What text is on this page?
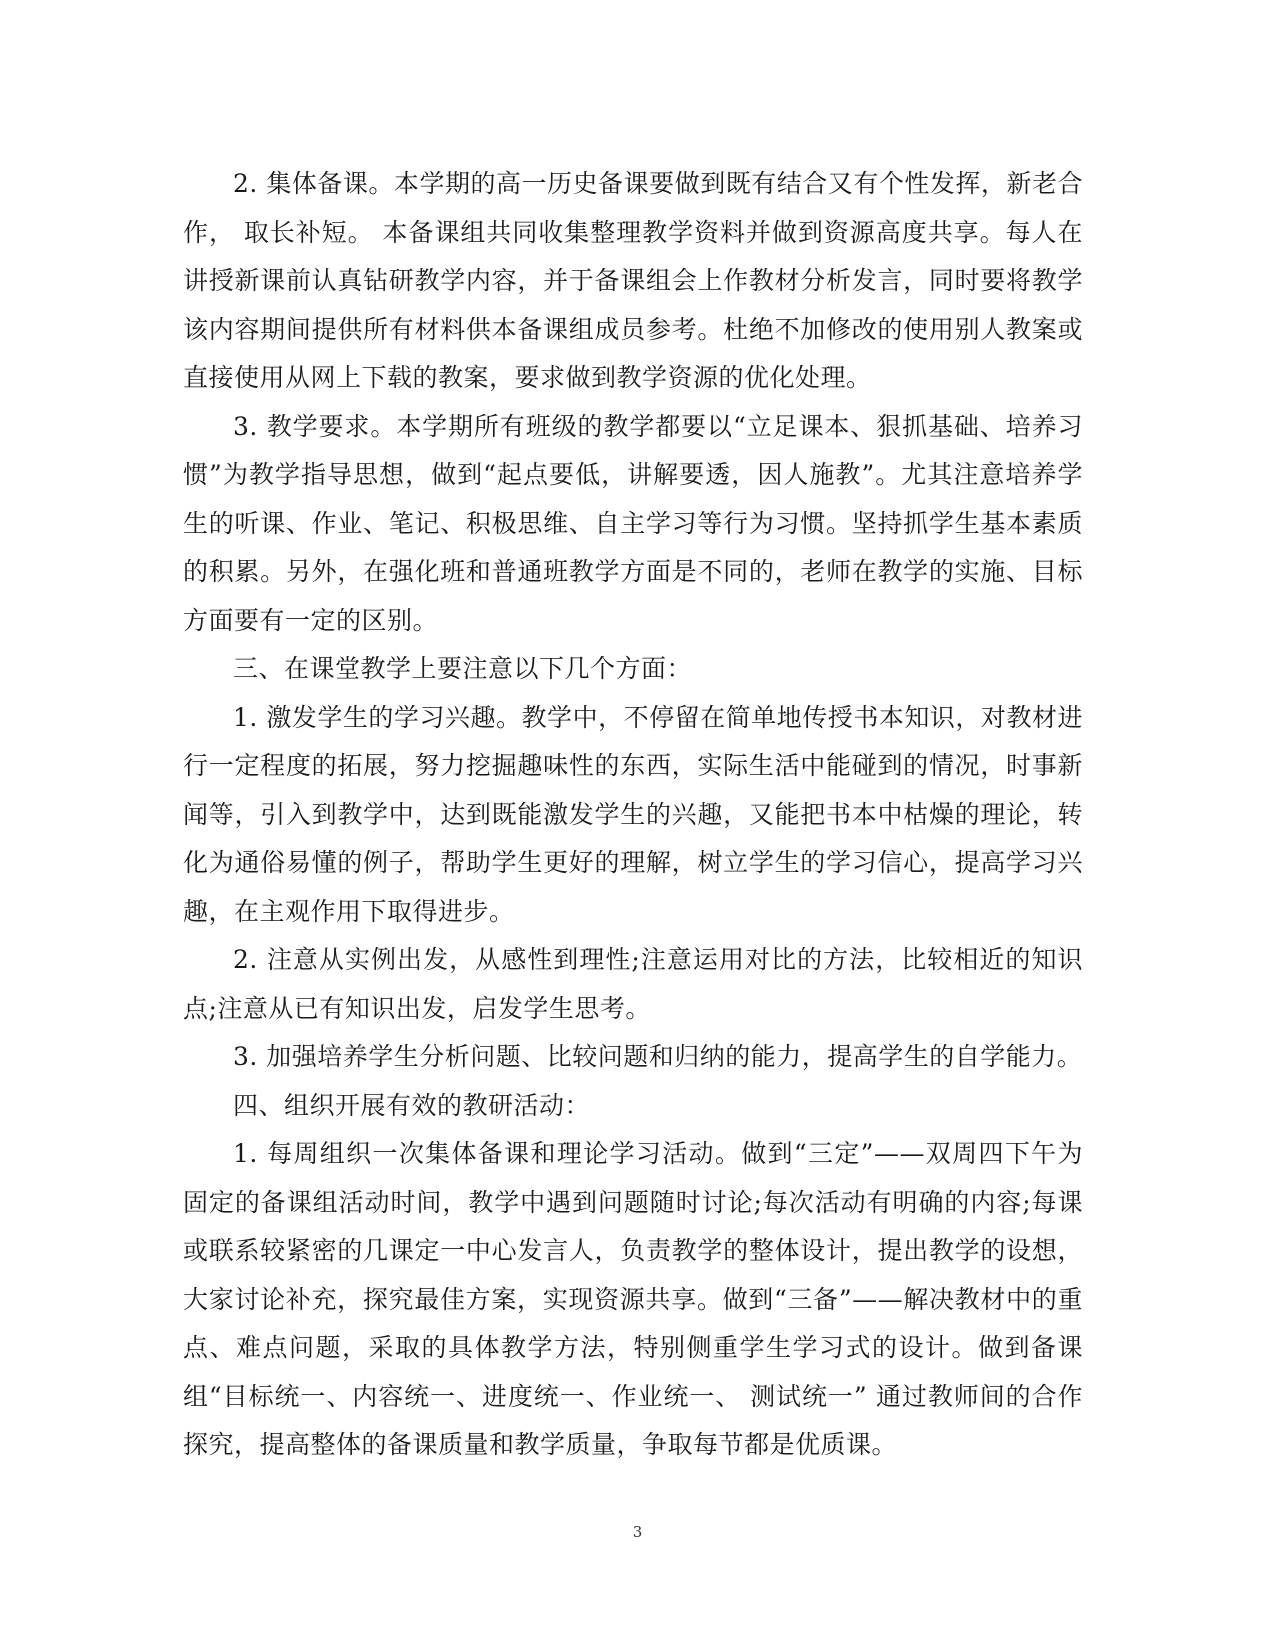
2. 集体备课。本学期的高一历史备课要做到既有结合又有个性发挥，新老合作， 取长补短。 本备课组共同收集整理教学资料并做到资源高度共享。每人在讲授新课前认真钻研教学内容，并于备课组会上作教材分析发言，同时要将教学该内容期间提供所有材料供本备课组成员参考。杜绝不加修改的使用别人教案或直接使用从网上下载的教案，要求做到教学资源的优化处理。

3. 教学要求。本学期所有班级的教学都要以“立足课本、狠抓基础、培养习惯”为教学指导思想，做到“起点要低，讲解要透，因人施教”。尤其注意培养学生的听课、作业、笔记、积极思维、自主学习等行为习惯。坚持抓学生基本素质的积累。另外，在强化班和普通班教学方面是不同的，老师在教学的实施、目标方面要有一定的区别。

三、在课堂教学上要注意以下几个方面：

1. 激发学生的学习兴趣。教学中，不停留在简单地传授书本知识，对教材进行一定程度的拓展，努力挖掘趣味性的东西，实际生活中能碰到的情况，时事新闻等，引入到教学中，达到既能激发学生的兴趣，又能把书本中枯燥的理论，转化为通俗易懂的例子，帮助学生更好的理解，树立学生的学习信心，提高学习兴趣，在主观作用下取得进步。

2. 注意从实例出发，从感性到理性;注意运用对比的方法，比较相近的知识点;注意从已有知识出发，启发学生思考。

3. 加强培养学生分析问题、比较问题和归纳的能力，提高学生的自学能力。

四、组织开展有效的教研活动：

1. 每周组织一次集体备课和理论学习活动。做到“三定”——双周四下午为固定的备课组活动时间，教学中遇到问题随时讨论;每次活动有明确的内容;每课或联系较紧密的几课定一中心发言人，负责教学的整体设计，提出教学的设想，大家讨论补充，探究最佳方案，实现资源共享。做到“三备”——解决教材中的重点、难点问题，采取的具体教学方法，特别侧重学生学习式的设计。做到备课组“目标统一、内容统一、进度统一、作业统一、 测试统一” 通过教师间的合作探究，提高整体的备课质量和教学质量，争取每节都是优质课。

3
